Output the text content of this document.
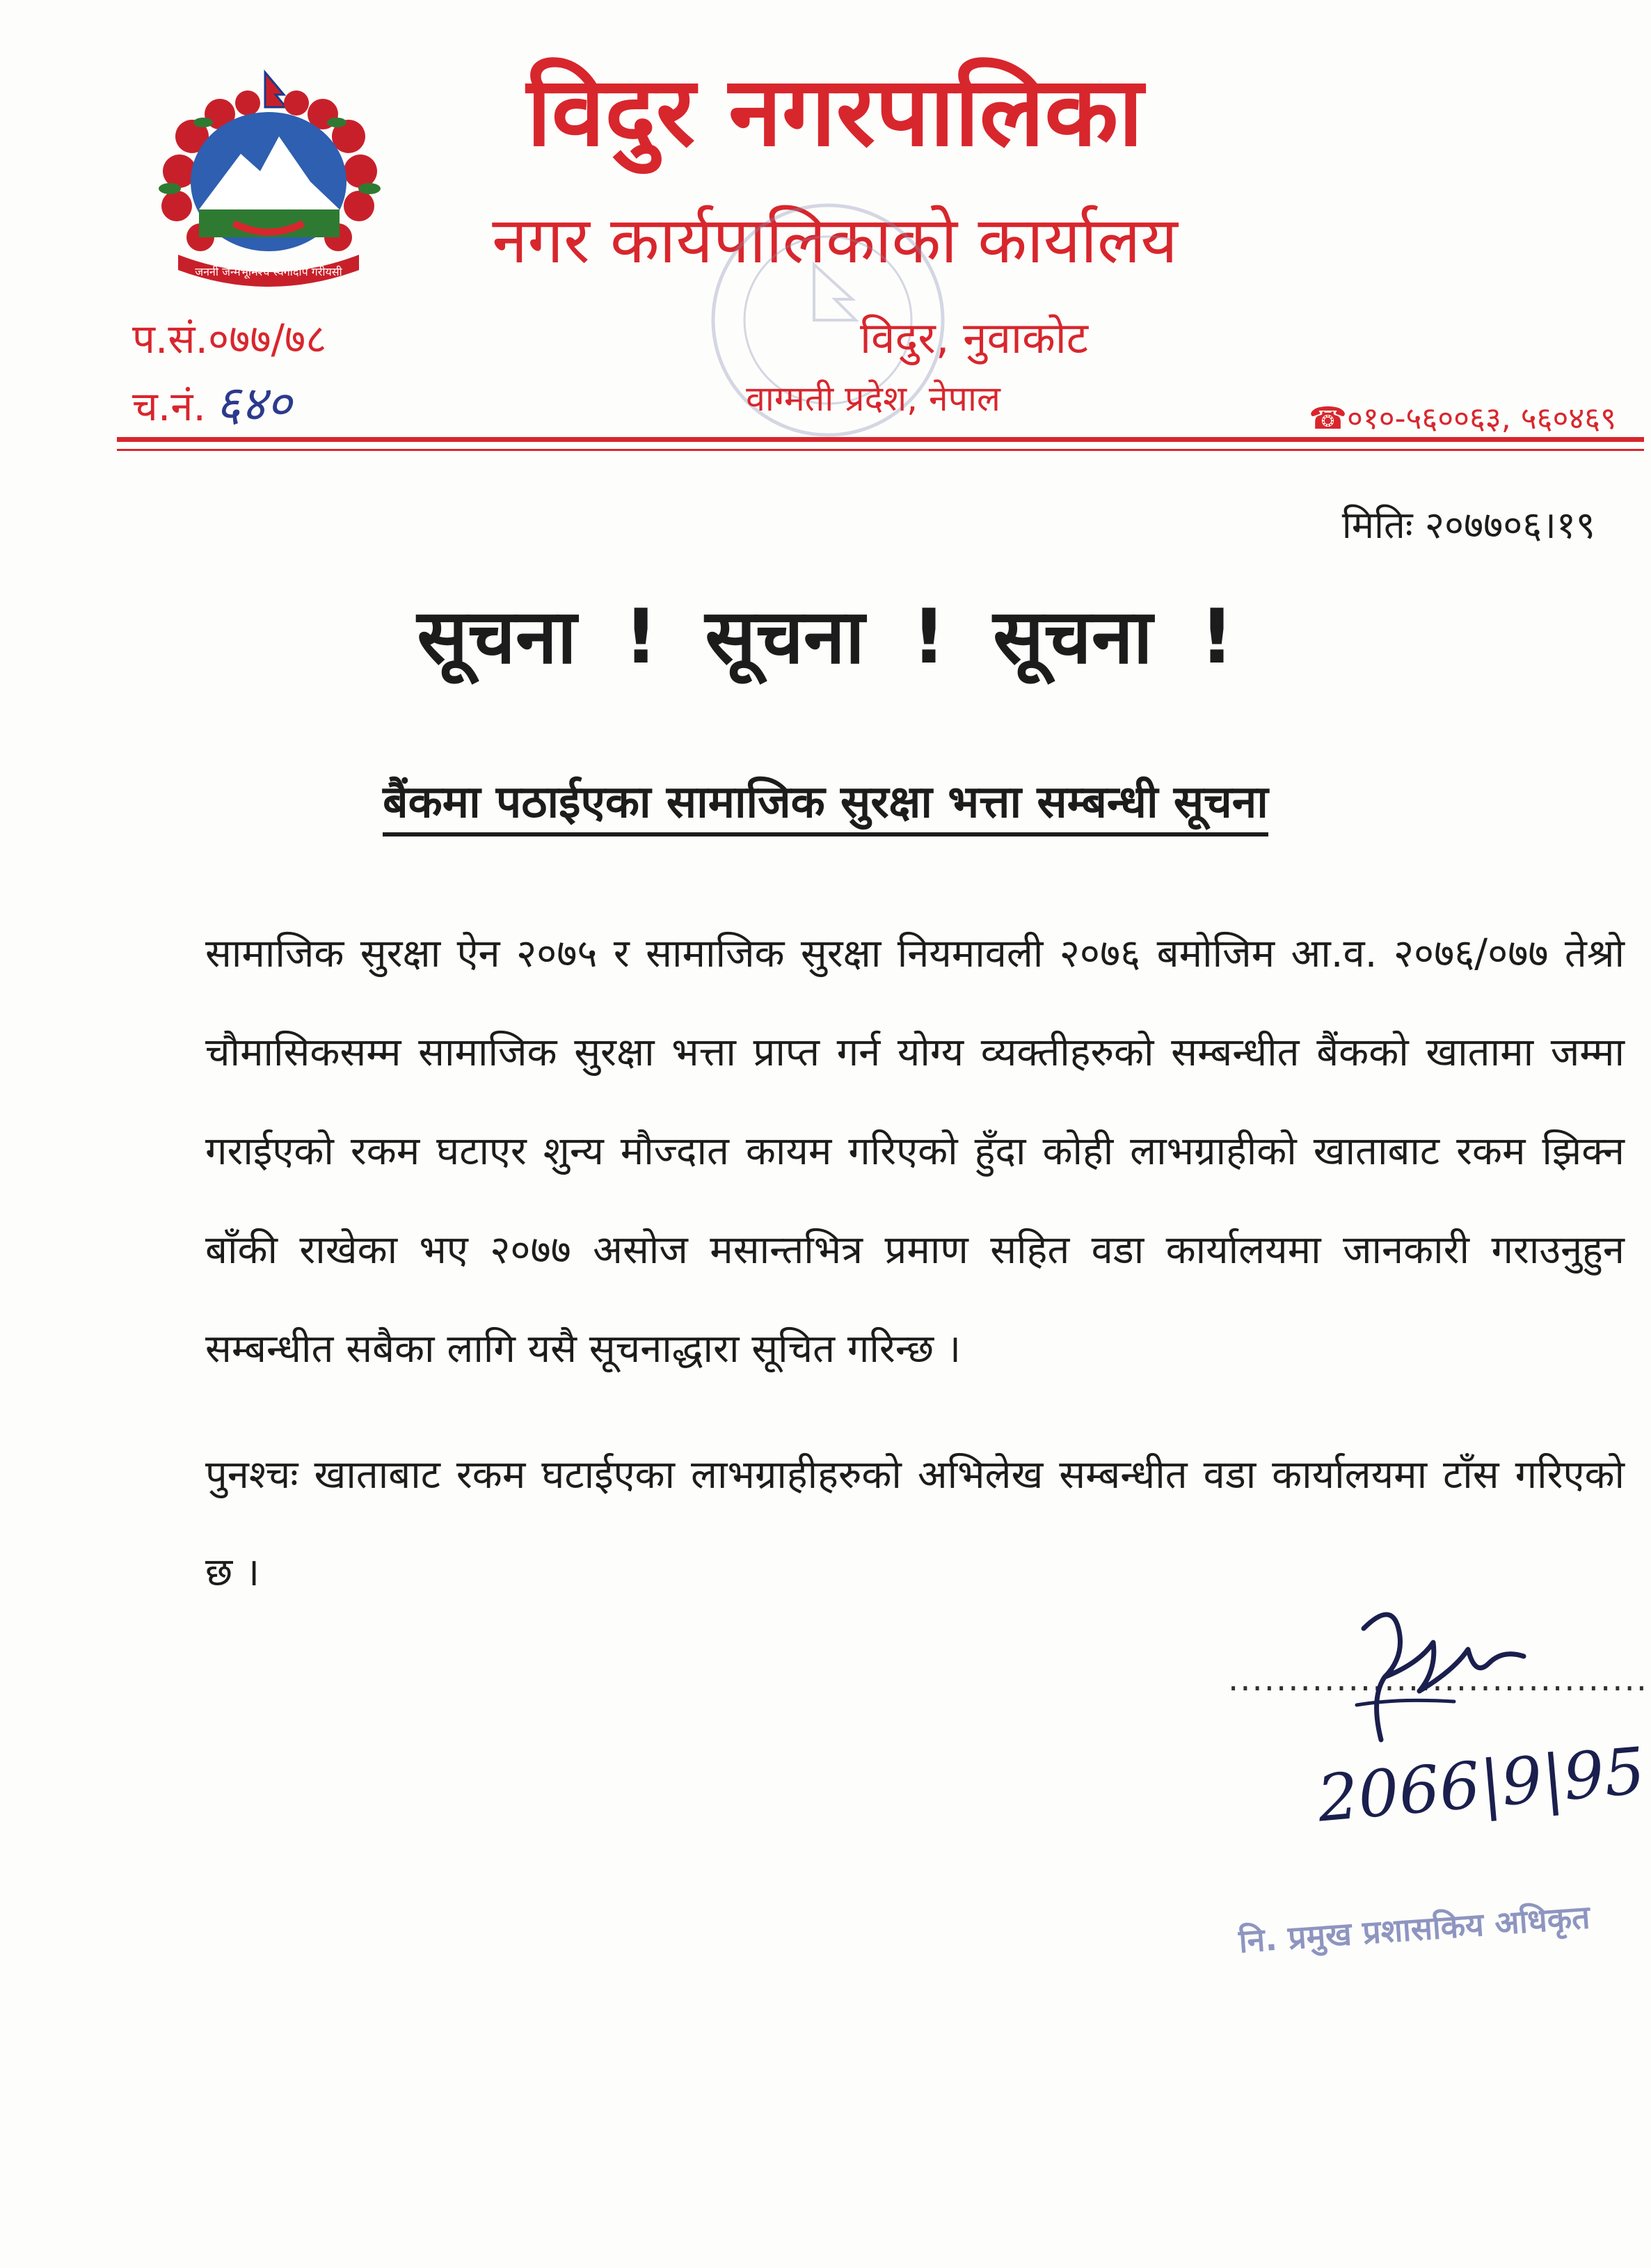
जननी जन्मभूमिश्च स्वर्गादपि गरीयसी
विदुर नगरपालिका
नगर कार्यपालिकाको कार्यालय
विदुर, नुवाकोट
वाग्मती प्रदेश, नेपाल
प.सं.०७७/७८
च.नं. ६४०	☎०१०-५६००६३, ५६०४६९
मितिः २०७७०६।१९
सूचना ! सूचना ! सूचना !
बैंकमा पठाईएका सामाजिक सुरक्षा भत्ता सम्बन्धी सूचना

सामाजिक सुरक्षा ऐन २०७५ र सामाजिक सुरक्षा नियमावली २०७६ बमोजिम आ.व. २०७६/०७७ तेश्रो चौमासिकसम्म सामाजिक सुरक्षा भत्ता प्राप्त गर्न योग्य व्यक्तीहरुको सम्बन्धीत बैंकको खातामा जम्मा गराईएको रकम घटाएर शुन्य मौज्दात कायम गरिएको हुँदा कोही लाभग्राहीको खाताबाट रकम झिक्न बाँकी राखेका भए २०७७ असोज मसान्तभित्र प्रमाण सहित वडा कार्यालयमा जानकारी गराउनुहुन सम्बन्धीत सबैका लागि यसै सूचनाद्धारा सूचित गरिन्छ ।

पुनश्चः खाताबाट रकम घटाईएका लाभग्राहीहरुको अभिलेख सम्बन्धीत वडा कार्यालयमा टाँस गरिएको छ ।

...................................
2066|9|95
नि. प्रमुख प्रशासकिय अधिकृत
